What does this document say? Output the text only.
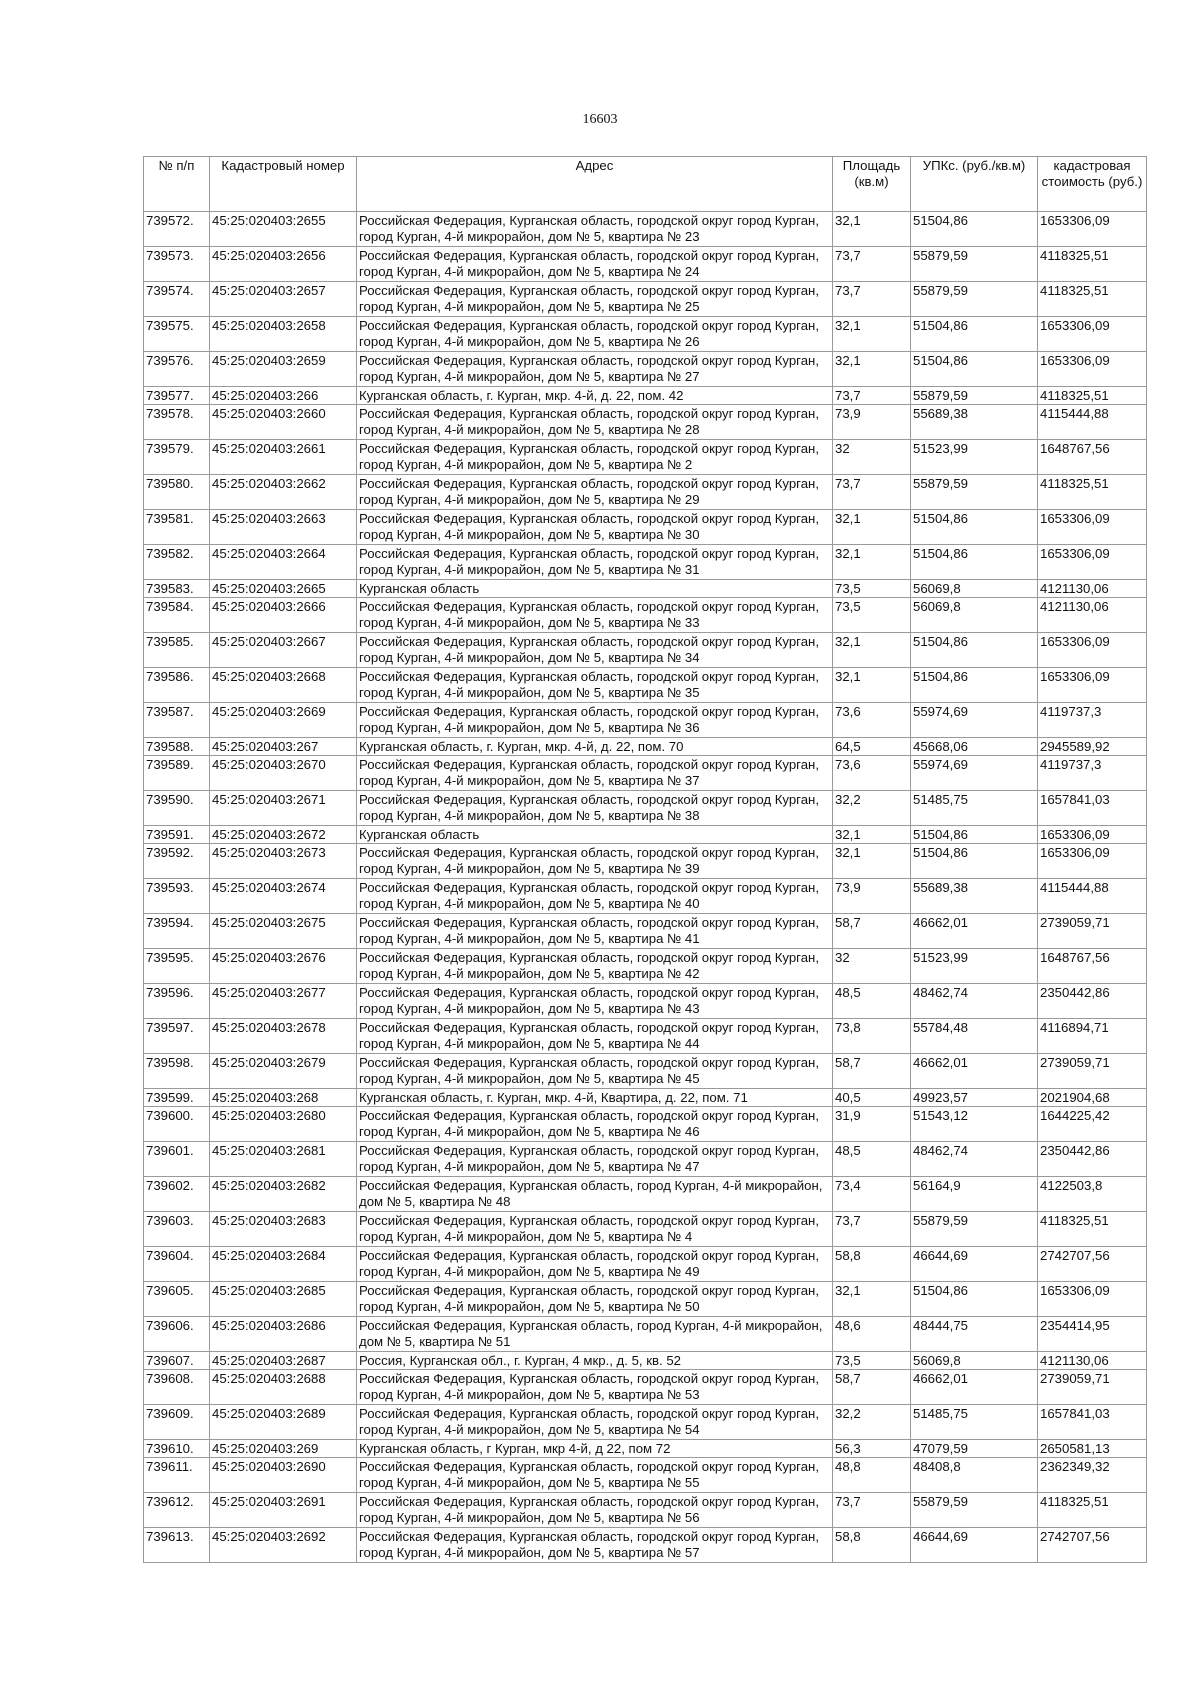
16603
№ п/п	Кадастровый номер	Адрес	Площадь (кв.м)	УПКс. (руб./кв.м)	кадастровая стоимость (руб.)
739572.	45:25:020403:2655	Российская Федерация, Курганская область, городской округ город Курган, город Курган, 4-й микрорайон, дом № 5, квартира № 23	32,1	51504,86	1653306,09
739573.	45:25:020403:2656	Российская Федерация, Курганская область, городской округ город Курган, город Курган, 4-й микрорайон, дом № 5, квартира № 24	73,7	55879,59	4118325,51
739574.	45:25:020403:2657	Российская Федерация, Курганская область, городской округ город Курган, город Курган, 4-й микрорайон, дом № 5, квартира № 25	73,7	55879,59	4118325,51
739575.	45:25:020403:2658	Российская Федерация, Курганская область, городской округ город Курган, город Курган, 4-й микрорайон, дом № 5, квартира № 26	32,1	51504,86	1653306,09
739576.	45:25:020403:2659	Российская Федерация, Курганская область, городской округ город Курган, город Курган, 4-й микрорайон, дом № 5, квартира № 27	32,1	51504,86	1653306,09
739577.	45:25:020403:266	Курганская область, г. Курган, мкр. 4-й, д. 22, пом. 42	73,7	55879,59	4118325,51
739578.	45:25:020403:2660	Российская Федерация, Курганская область, городской округ город Курган, город Курган, 4-й микрорайон, дом № 5, квартира № 28	73,9	55689,38	4115444,88
739579.	45:25:020403:2661	Российская Федерация, Курганская область, городской округ город Курган, город Курган, 4-й микрорайон, дом № 5, квартира № 2	32	51523,99	1648767,56
739580.	45:25:020403:2662	Российская Федерация, Курганская область, городской округ город Курган, город Курган, 4-й микрорайон, дом № 5, квартира № 29	73,7	55879,59	4118325,51
739581.	45:25:020403:2663	Российская Федерация, Курганская область, городской округ город Курган, город Курган, 4-й микрорайон, дом № 5, квартира № 30	32,1	51504,86	1653306,09
739582.	45:25:020403:2664	Российская Федерация, Курганская область, городской округ город Курган, город Курган, 4-й микрорайон, дом № 5, квартира № 31	32,1	51504,86	1653306,09
739583.	45:25:020403:2665	Курганская область	73,5	56069,8	4121130,06
739584.	45:25:020403:2666	Российская Федерация, Курганская область, городской округ город Курган, город Курган, 4-й микрорайон, дом № 5, квартира № 33	73,5	56069,8	4121130,06
739585.	45:25:020403:2667	Российская Федерация, Курганская область, городской округ город Курган, город Курган, 4-й микрорайон, дом № 5, квартира № 34	32,1	51504,86	1653306,09
739586.	45:25:020403:2668	Российская Федерация, Курганская область, городской округ город Курган, город Курган, 4-й микрорайон, дом № 5, квартира № 35	32,1	51504,86	1653306,09
739587.	45:25:020403:2669	Российская Федерация, Курганская область, городской округ город Курган, город Курган, 4-й микрорайон, дом № 5, квартира № 36	73,6	55974,69	4119737,3
739588.	45:25:020403:267	Курганская область, г. Курган, мкр. 4-й, д. 22, пом. 70	64,5	45668,06	2945589,92
739589.	45:25:020403:2670	Российская Федерация, Курганская область, городской округ город Курган, город Курган, 4-й микрорайон, дом № 5, квартира № 37	73,6	55974,69	4119737,3
739590.	45:25:020403:2671	Российская Федерация, Курганская область, городской округ город Курган, город Курган, 4-й микрорайон, дом № 5, квартира № 38	32,2	51485,75	1657841,03
739591.	45:25:020403:2672	Курганская область	32,1	51504,86	1653306,09
739592.	45:25:020403:2673	Российская Федерация, Курганская область, городской округ город Курган, город Курган, 4-й микрорайон, дом № 5, квартира № 39	32,1	51504,86	1653306,09
739593.	45:25:020403:2674	Российская Федерация, Курганская область, городской округ город Курган, город Курган, 4-й микрорайон, дом № 5, квартира № 40	73,9	55689,38	4115444,88
739594.	45:25:020403:2675	Российская Федерация, Курганская область, городской округ город Курган, город Курган, 4-й микрорайон, дом № 5, квартира № 41	58,7	46662,01	2739059,71
739595.	45:25:020403:2676	Российская Федерация, Курганская область, городской округ город Курган, город Курган, 4-й микрорайон, дом № 5, квартира № 42	32	51523,99	1648767,56
739596.	45:25:020403:2677	Российская Федерация, Курганская область, городской округ город Курган, город Курган, 4-й микрорайон, дом № 5, квартира № 43	48,5	48462,74	2350442,86
739597.	45:25:020403:2678	Российская Федерация, Курганская область, городской округ город Курган, город Курган, 4-й микрорайон, дом № 5, квартира № 44	73,8	55784,48	4116894,71
739598.	45:25:020403:2679	Российская Федерация, Курганская область, городской округ город Курган, город Курган, 4-й микрорайон, дом № 5, квартира № 45	58,7	46662,01	2739059,71
739599.	45:25:020403:268	Курганская область, г. Курган, мкр. 4-й, Квартира, д. 22, пом. 71	40,5	49923,57	2021904,68
739600.	45:25:020403:2680	Российская Федерация, Курганская область, городской округ город Курган, город Курган, 4-й микрорайон, дом № 5, квартира № 46	31,9	51543,12	1644225,42
739601.	45:25:020403:2681	Российская Федерация, Курганская область, городской округ город Курган, город Курган, 4-й микрорайон, дом № 5, квартира № 47	48,5	48462,74	2350442,86
739602.	45:25:020403:2682	Российская Федерация, Курганская область, город Курган, 4-й микрорайон, дом № 5, квартира № 48	73,4	56164,9	4122503,8
739603.	45:25:020403:2683	Российская Федерация, Курганская область, городской округ город Курган, город Курган, 4-й микрорайон, дом № 5, квартира № 4	73,7	55879,59	4118325,51
739604.	45:25:020403:2684	Российская Федерация, Курганская область, городской округ город Курган, город Курган, 4-й микрорайон, дом № 5, квартира № 49	58,8	46644,69	2742707,56
739605.	45:25:020403:2685	Российская Федерация, Курганская область, городской округ город Курган, город Курган, 4-й микрорайон, дом № 5, квартира № 50	32,1	51504,86	1653306,09
739606.	45:25:020403:2686	Российская Федерация, Курганская область, город Курган, 4-й микрорайон, дом № 5, квартира № 51	48,6	48444,75	2354414,95
739607.	45:25:020403:2687	Россия, Курганская обл., г. Курган, 4 мкр., д. 5, кв. 52	73,5	56069,8	4121130,06
739608.	45:25:020403:2688	Российская Федерация, Курганская область, городской округ город Курган, город Курган, 4-й микрорайон, дом № 5, квартира № 53	58,7	46662,01	2739059,71
739609.	45:25:020403:2689	Российская Федерация, Курганская область, городской округ город Курган, город Курган, 4-й микрорайон, дом № 5, квартира № 54	32,2	51485,75	1657841,03
739610.	45:25:020403:269	Курганская область, г Курган, мкр 4-й, д 22, пом 72	56,3	47079,59	2650581,13
739611.	45:25:020403:2690	Российская Федерация, Курганская область, городской округ город Курган, город Курган, 4-й микрорайон, дом № 5, квартира № 55	48,8	48408,8	2362349,32
739612.	45:25:020403:2691	Российская Федерация, Курганская область, городской округ город Курган, город Курган, 4-й микрорайон, дом № 5, квартира № 56	73,7	55879,59	4118325,51
739613.	45:25:020403:2692	Российская Федерация, Курганская область, городской округ город Курган, город Курган, 4-й микрорайон, дом № 5, квартира № 57	58,8	46644,69	2742707,56
